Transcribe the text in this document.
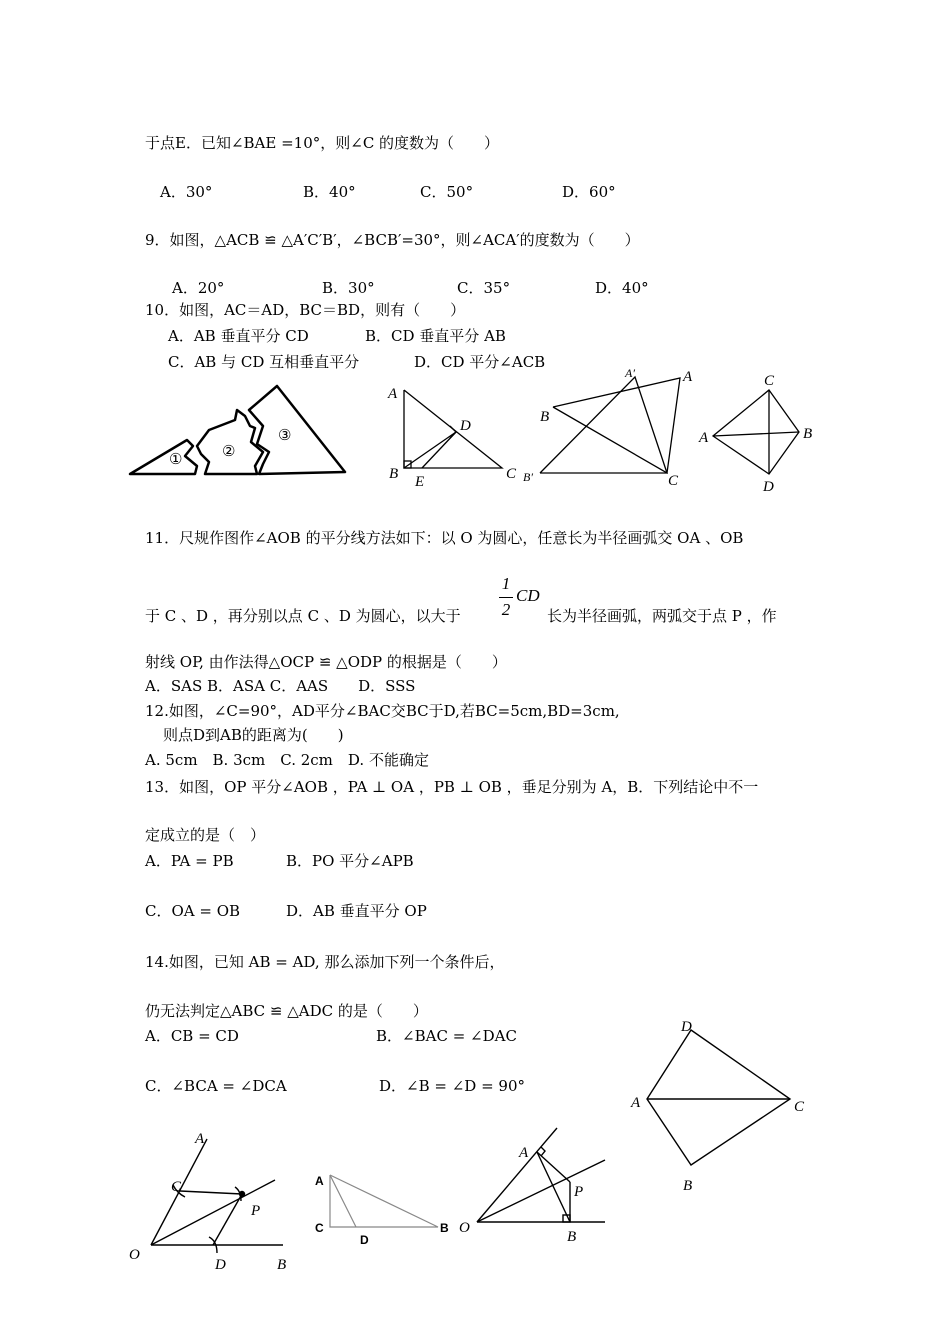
于点E．已知∠BAE =10°，则∠C 的度数为（　　）
A．30°	B．40°	C．50°	D．60°
9．如图，△ACB ≌ △A′C′B′，∠BCB′=30°，则∠ACA′的度数为（　　）
A．20°	B．30°	C．35°	D．40°
10．如图，AC＝AD，BC＝BD，则有（　　）
A．AB 垂直平分 CD	B．CD 垂直平分 AB
C．AB 与 CD 互相垂直平分	D．CD 平分∠ACB
①	②
③
A
D
B E	C
A′	A
B
B′	C
C
A	B
D
11．尺规作图作∠AOB 的平分线方法如下：以 O 为圆心，任意长为半径画弧交 OA 、OB
于 C 、D ，再分别以点 C 、D 为圆心，以大于
1
2
CD
长为半径画弧，两弧交于点 P ，作
射线 OP, 由作法得△OCP ≌ △ODP 的根据是（　　）
A．SAS B．ASA C．AAS　　D．SSS
12.如图，∠C=90°，AD平分∠BAC交BC于D,若BC=5cm,BD=3cm,
则点D到AB的距离为(　　)
A. 5cm　B. 3cm　C. 2cm　D. 不能确定
13．如图，OP 平分∠AOB ，PA ⊥ OA ，PB ⊥ OB ，垂足分别为 A，B．下列结论中不一
定成立的是（　）
A．PA = PB	B．PO 平分∠APB
C．OA = OB	D．AB 垂直平分 OP
14.如图，已知 AB = AD, 那么添加下列一个条件后，
仍无法判定△ABC ≌ △ADC 的是（　　）
A．CB = CD	B．∠BAC = ∠DAC
C．∠BCA = ∠DCA	D．∠B = ∠D = 90°
D
A	C
B
A
C
P
O
D	B
A
C
D
B
A
P
O
B
